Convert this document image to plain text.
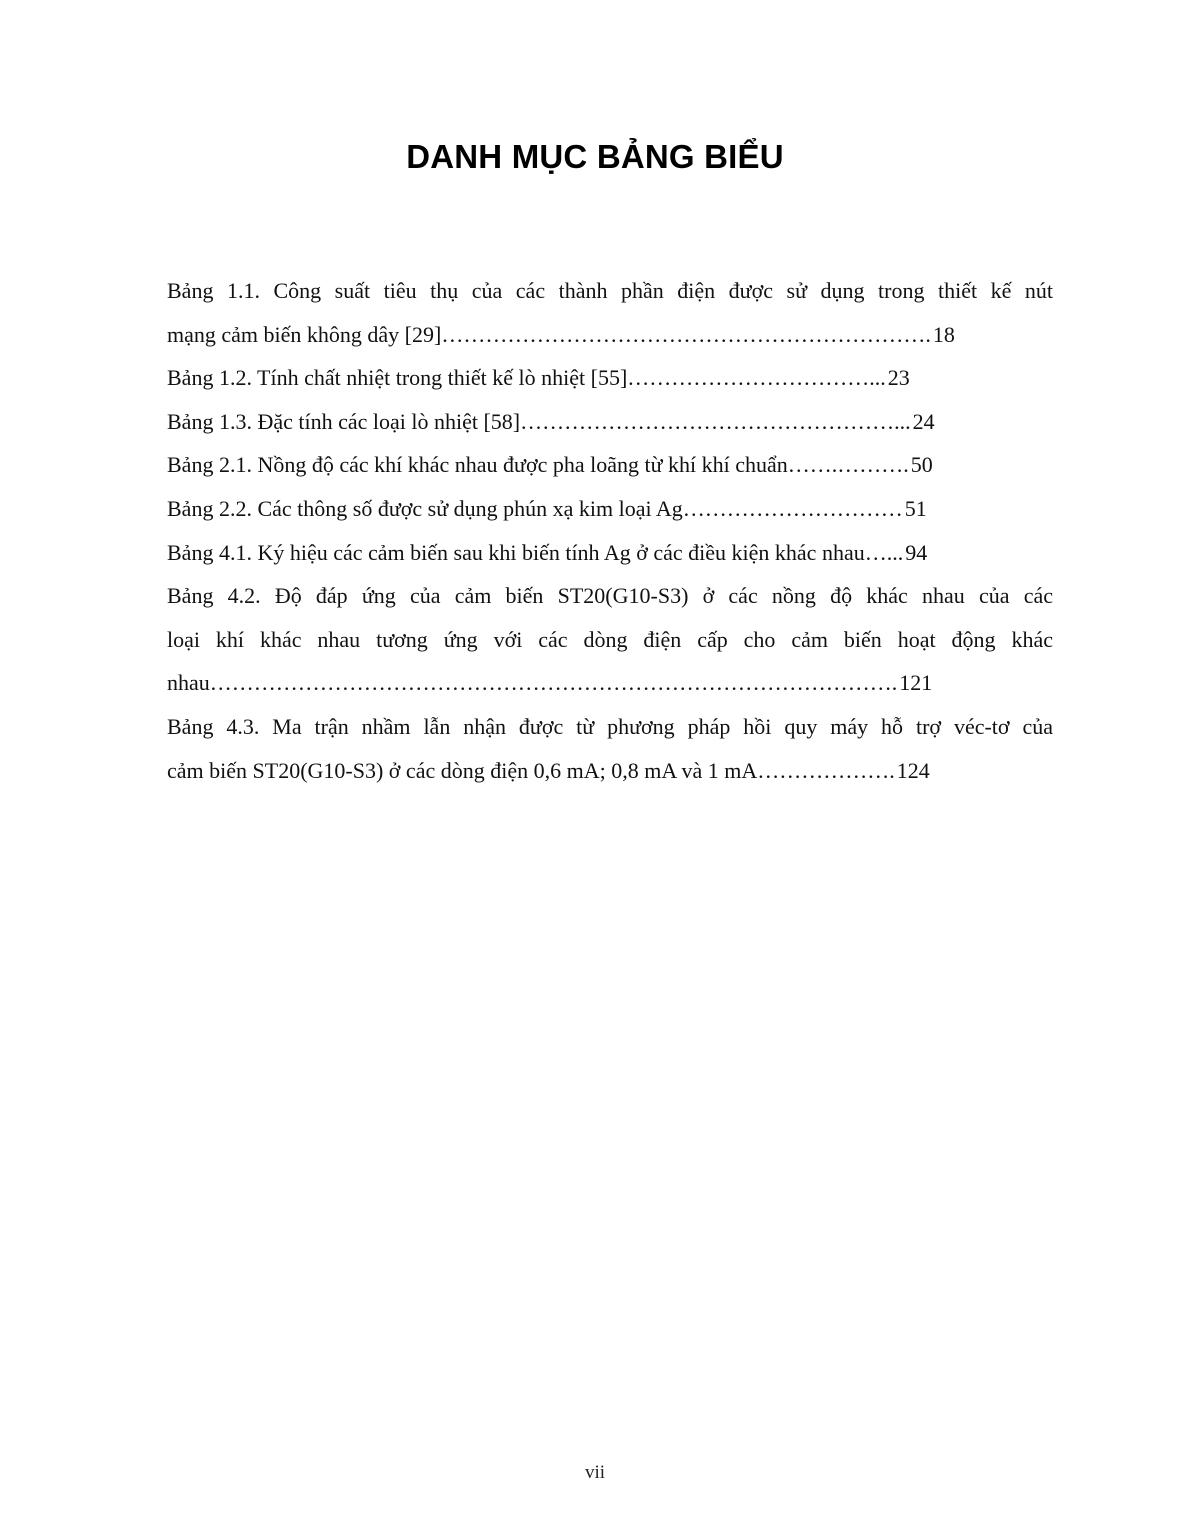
DANH MỤC BẢNG BIỂU
Bảng 1.1. Công suất tiêu thụ của các thành phần điện được sử dụng trong thiết kế nút
mạng cảm biến không dây [29]…………………………………………………………. 18
Bảng 1.2. Tính chất nhiệt trong thiết kế lò nhiệt [55]……………………………... 23
Bảng 1.3. Đặc tính các loại lò nhiệt [58]……………………………………………... 24
Bảng 2.1. Nồng độ các khí khác nhau được pha loãng từ khí khí chuẩn…….………. 50
Bảng 2.2. Các thông số được sử dụng phún xạ kim loại Ag………………………… 51
Bảng 4.1. Ký hiệu các cảm biến sau khi biến tính Ag ở các điều kiện khác nhau…... 94
Bảng 4.2. Độ đáp ứng của cảm biến ST20(G10-S3) ở các nồng độ khác nhau của các
loại khí khác nhau tương ứng với các dòng điện cấp cho cảm biến hoạt động khác
nhau…………………………………………………………………………………. 121
Bảng 4.3. Ma trận nhầm lẫn nhận được từ phương pháp hồi quy máy hỗ trợ véc-tơ của
cảm biến ST20(G10-S3) ở các dòng điện 0,6 mA; 0,8 mA và 1 mA………………. 124
vii
